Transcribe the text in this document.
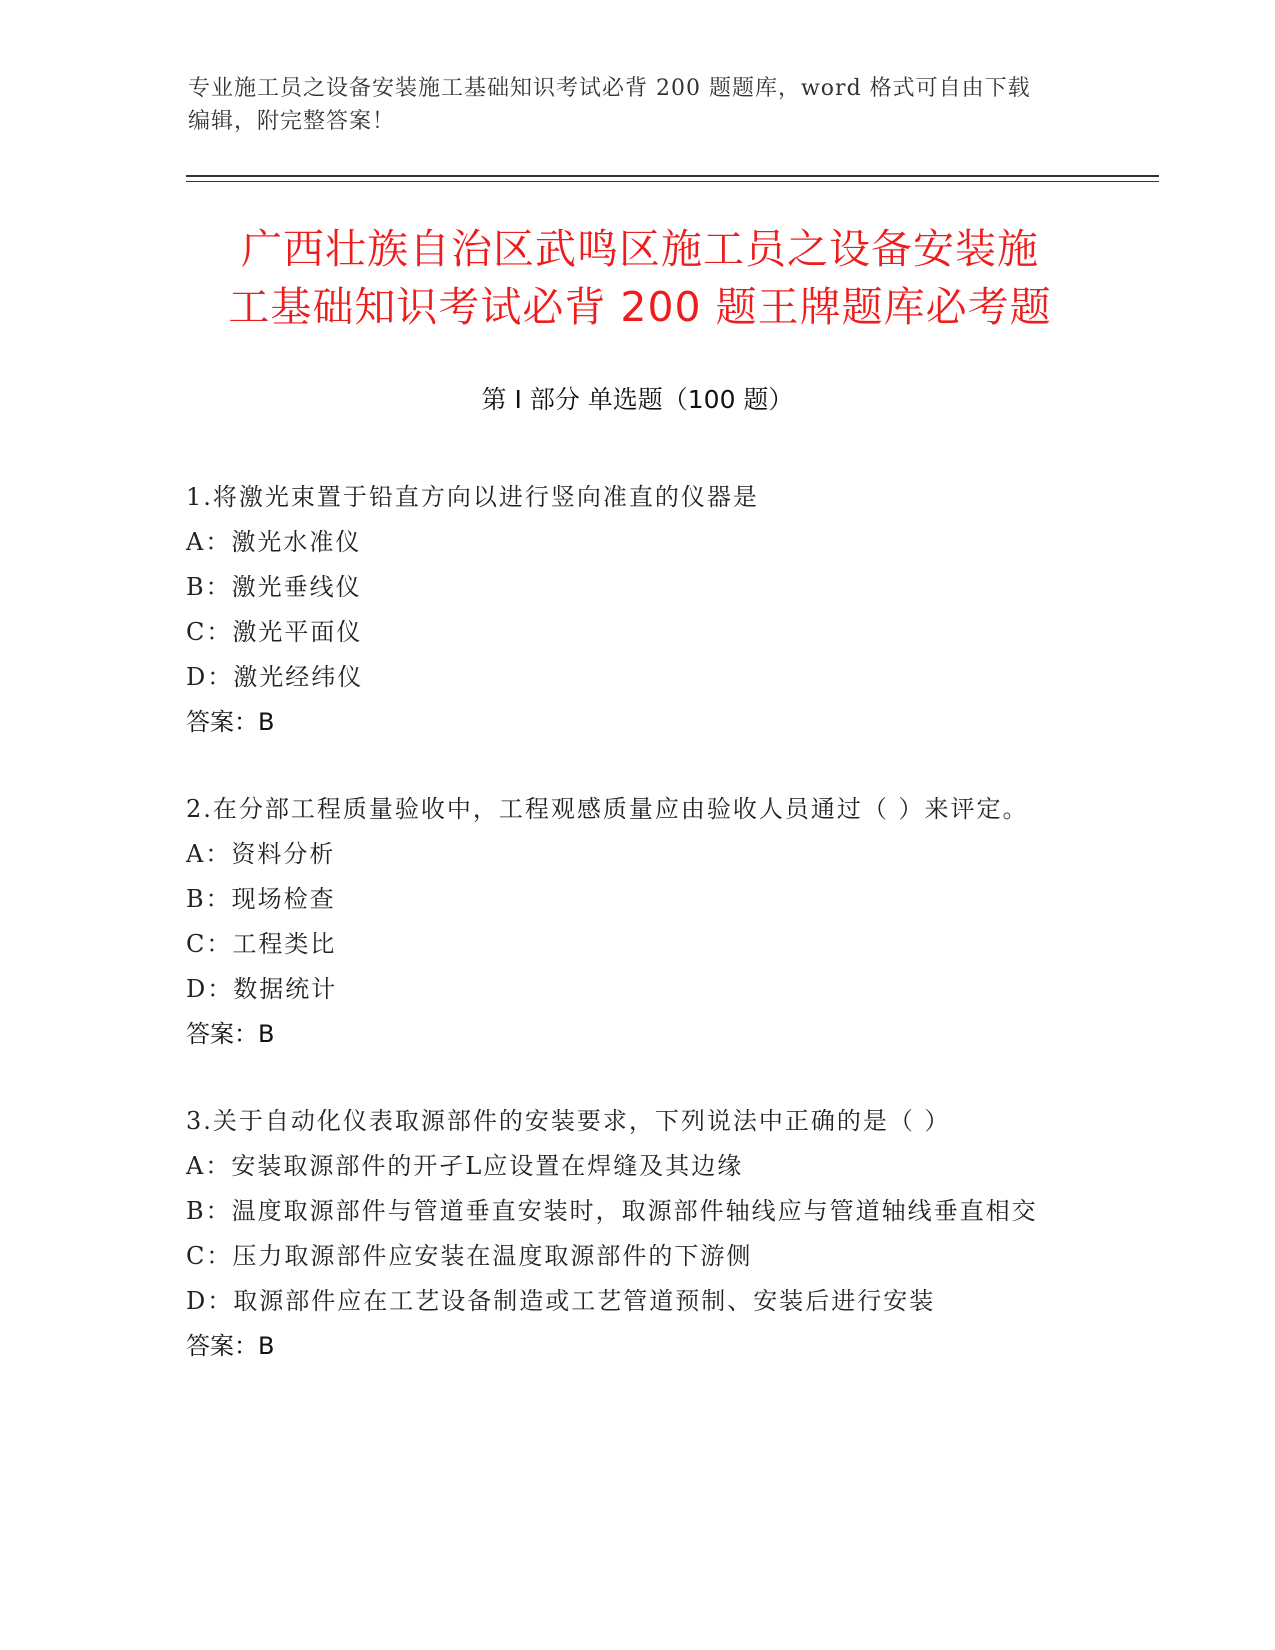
专业施工员之设备安装施工基础知识考试必背 200 题题库，word 格式可自由下载
编辑，附完整答案！
广西壮族自治区武鸣区施工员之设备安装施
工基础知识考试必背 200 题王牌题库必考题
第 I 部分 单选题（100 题）
1.将激光束置于铅直方向以进行竖向准直的仪器是
A：激光水准仪
B：激光垂线仪
C：激光平面仪
D：激光经纬仪
答案：B
2.在分部工程质量验收中，工程观感质量应由验收人员通过（ ）来评定。
A：资料分析
B：现场检查
C：工程类比
D：数据统计
答案：B
3.关于自动化仪表取源部件的安装要求，下列说法中正确的是（ ）
A：安装取源部件的开孑L应设置在焊缝及其边缘
B：温度取源部件与管道垂直安装时，取源部件轴线应与管道轴线垂直相交
C：压力取源部件应安装在温度取源部件的下游侧
D：取源部件应在工艺设备制造或工艺管道预制、安装后进行安装
答案：B
